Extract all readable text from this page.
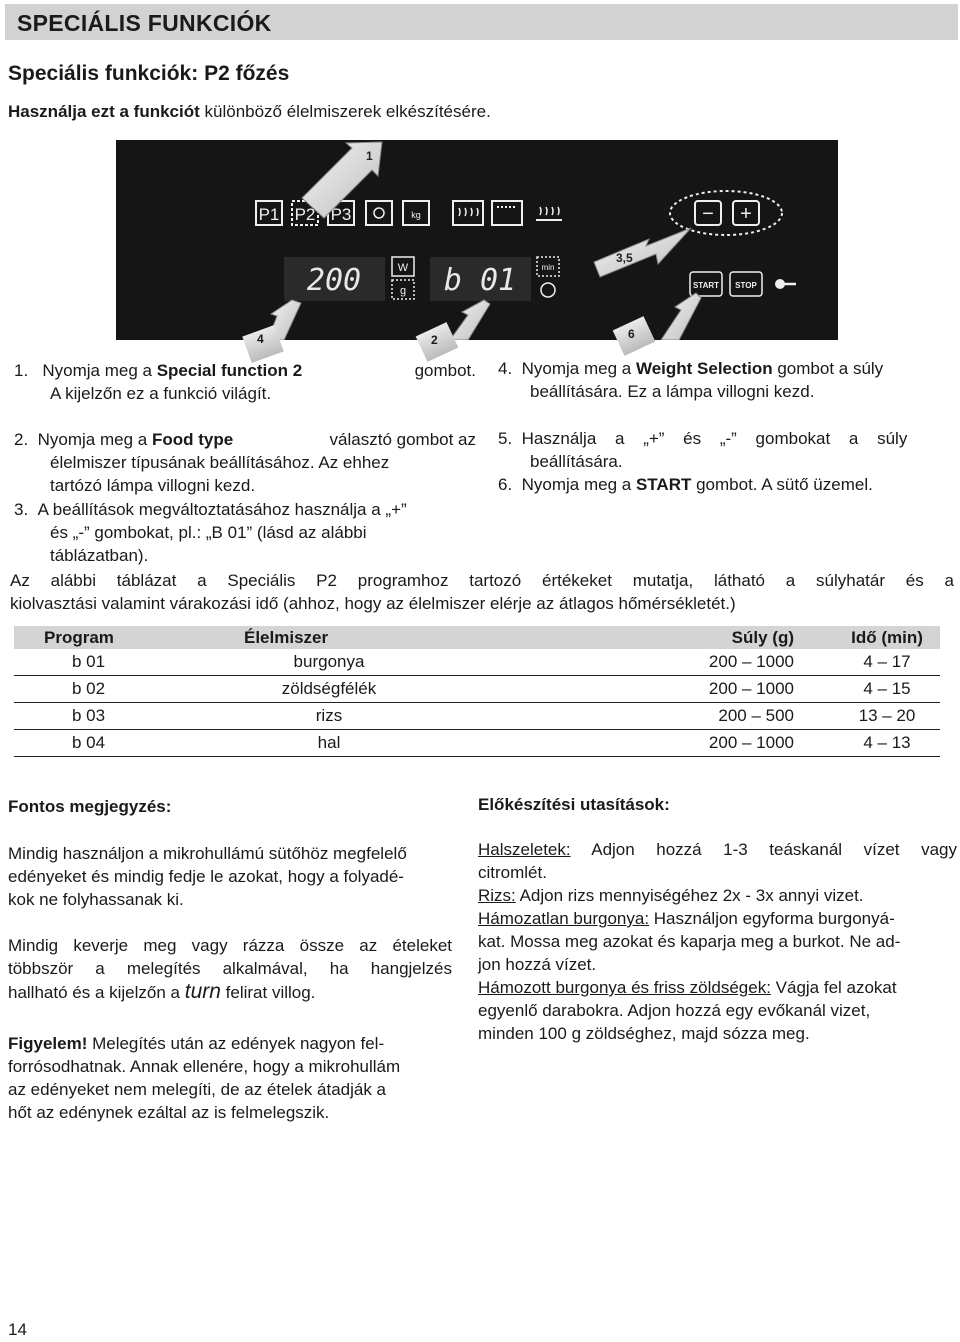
SPECIÁLIS FUNKCIÓK
Speciális funkciók: P2 főzés
Használja ezt a funkciót különböző élelmiszerek elkészítésére.
P1 P2 P3	kg	− +
200	W
g b 01	min
START STOP
1
3,5
4	2	6
1. Nyomja meg a Special function 2	gombot.
A kijelzőn ez a funkció világít.
2. Nyomja meg a Food type	választó gombot az
élelmiszer típusának beállításához. Az ehhez
tartózó lámpa villogni kezd.
3. A beállítások megváltoztatásához használja a „+”
és „-” gombokat, pl.: „B 01” (lásd az alábbi
táblázatban).
4. Nyomja meg a Weight Selection gombot a súly
beállítására. Ez a lámpa villogni kezd.
5. Használja a „+” és „-” gombokat a súly
beállítására.
6. Nyomja meg a START gombot. A sütő üzemel.
Az alábbi táblázat a Speciális P2 programhoz tartozó értékeket mutatja, látható a súlyhatár és a
kiolvasztási valamint várakozási idő (ahhoz, hogy az élelmiszer elérje az átlagos hőmérsékletét.)
Program	Élelmiszer	Súly (g)	Idő (min)
b 01	burgonya	200 – 1000	4 – 17
b 02	zöldségfélék	200 – 1000	4 – 15
b 03	rizs	200 – 500	13 – 20
b 04	hal	200 – 1000	4 – 13
Fontos megjegyzés:
Mindig használjon a mikrohullámú sütőhöz megfelelő
edényeket és mindig fedje le azokat, hogy a folyadé-
kok ne folyhassanak ki.
Mindig keverje meg vagy rázza össze az ételeket
többször a melegítés alkalmával, ha hangjelzés
hallható és a kijelzőn a turn felirat villog.
Figyelem! Melegítés után az edények nagyon fel-
forrósodhatnak. Annak ellenére, hogy a mikrohullám
az edényeket nem melegíti, de az ételek átadják a
hőt az edénynek ezáltal az is felmelegszik.
Előkészítési utasítások:
Halszeletek: Adjon hozzá 1-3 teáskanál vízet vagy
citromlét.
Rizs: Adjon rizs mennyiségéhez 2x - 3x annyi vizet.
Hámozatlan burgonya: Használjon egyforma burgonyá-
kat. Mossa meg azokat és kaparja meg a burkot. Ne ad-
jon hozzá vízet.
Hámozott burgonya és friss zöldségek: Vágja fel azokat
egyenlő darabokra. Adjon hozzá egy evőkanál vizet,
minden 100 g zöldséghez, majd sózza meg.
14
